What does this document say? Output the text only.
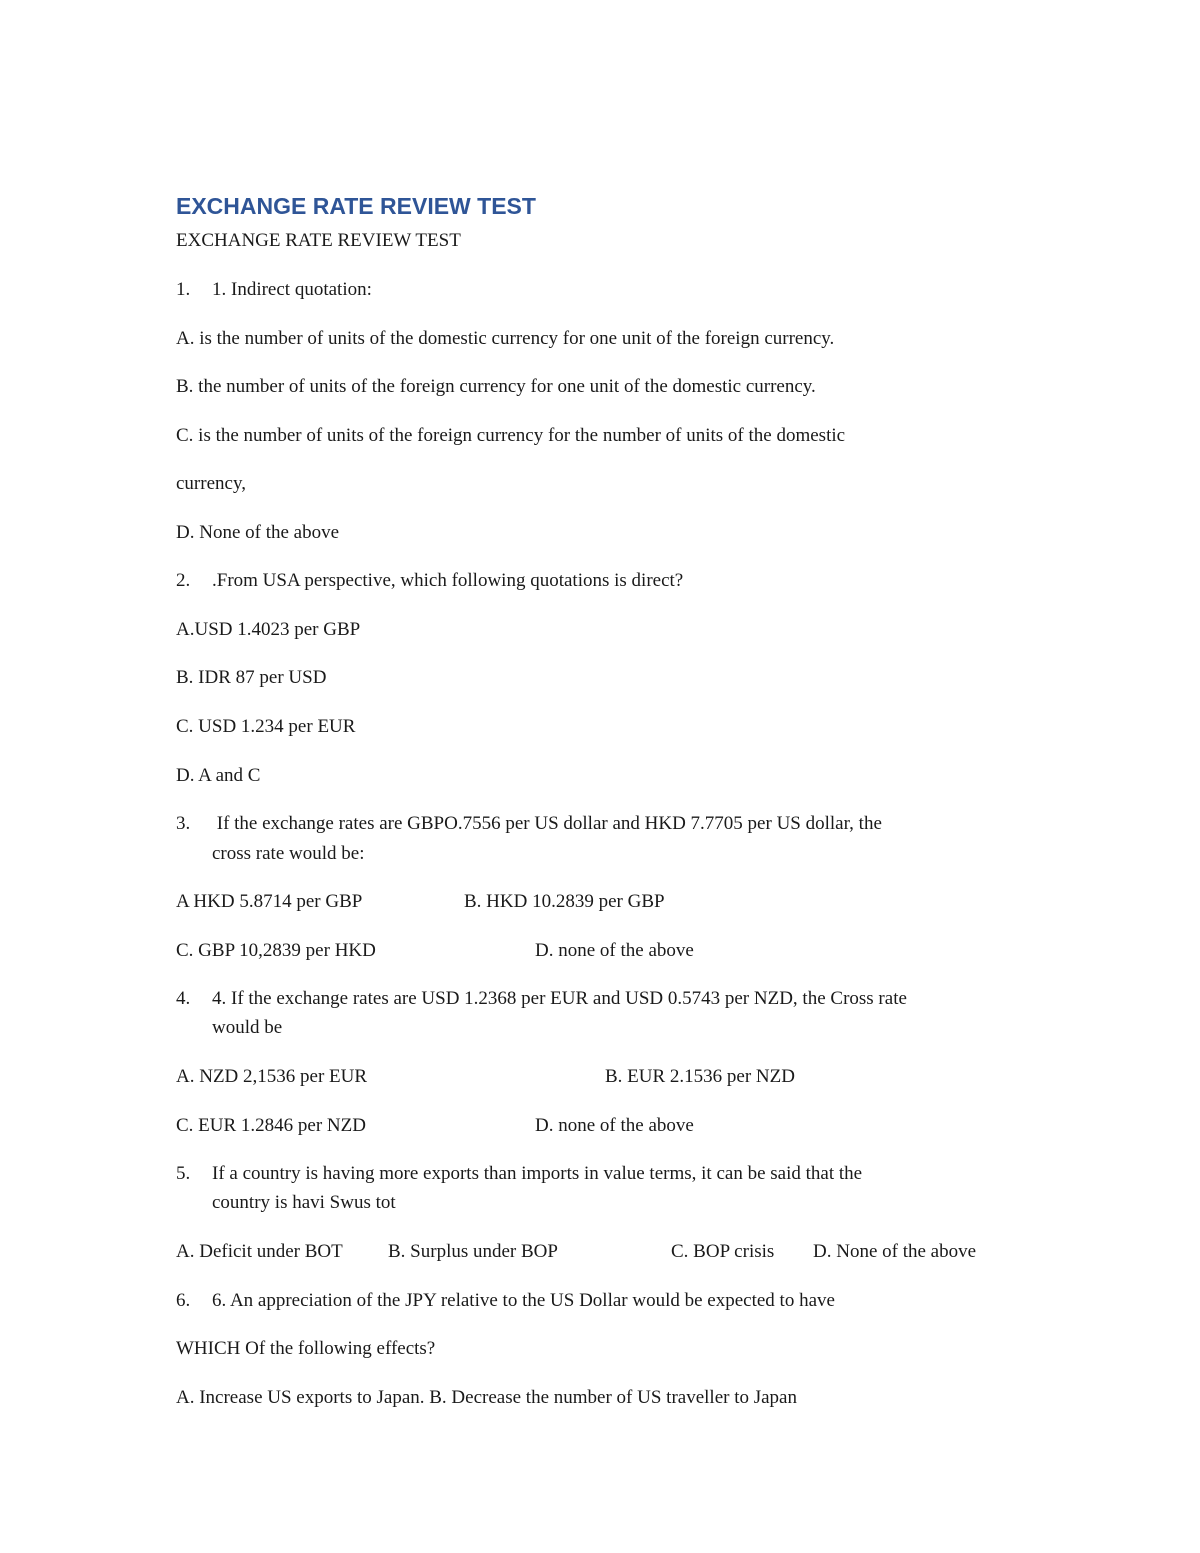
EXCHANGE RATE REVIEW TEST
EXCHANGE RATE REVIEW TEST
1. 1. Indirect quotation:
A. is the number of units of the domestic currency for one unit of the foreign currency.
B. the number of units of the foreign currency for one unit of the domestic currency.
C. is the number of units of the foreign currency for the number of units of the domestic
currency,
D. None of the above
2. .From USA perspective, which following quotations is direct?
A.USD 1.4023 per GBP
B. IDR 87 per USD
C. USD 1.234 per EUR
D. A and C
3. If the exchange rates are GBPO.7556 per US dollar and HKD 7.7705 per US dollar, the
cross rate would be:
A HKD 5.8714 per GBP	B. HKD 10.2839 per GBP
C. GBP 10,2839 per HKD	D. none of the above
4. 4. If the exchange rates are USD 1.2368 per EUR and USD 0.5743 per NZD, the Cross rate
would be
A. NZD 2,1536 per EUR	B. EUR 2.1536 per NZD
C. EUR 1.2846 per NZD	D. none of the above
5. If a country is having more exports than imports in value terms, it can be said that the
country is havi Swus tot
A. Deficit under BOT B. Surplus under BOP	C. BOP crisis D. None of the above
6. 6. An appreciation of the JPY relative to the US Dollar would be expected to have
WHICH Of the following effects?
A. Increase US exports to Japan. B. Decrease the number of US traveller to Japan
